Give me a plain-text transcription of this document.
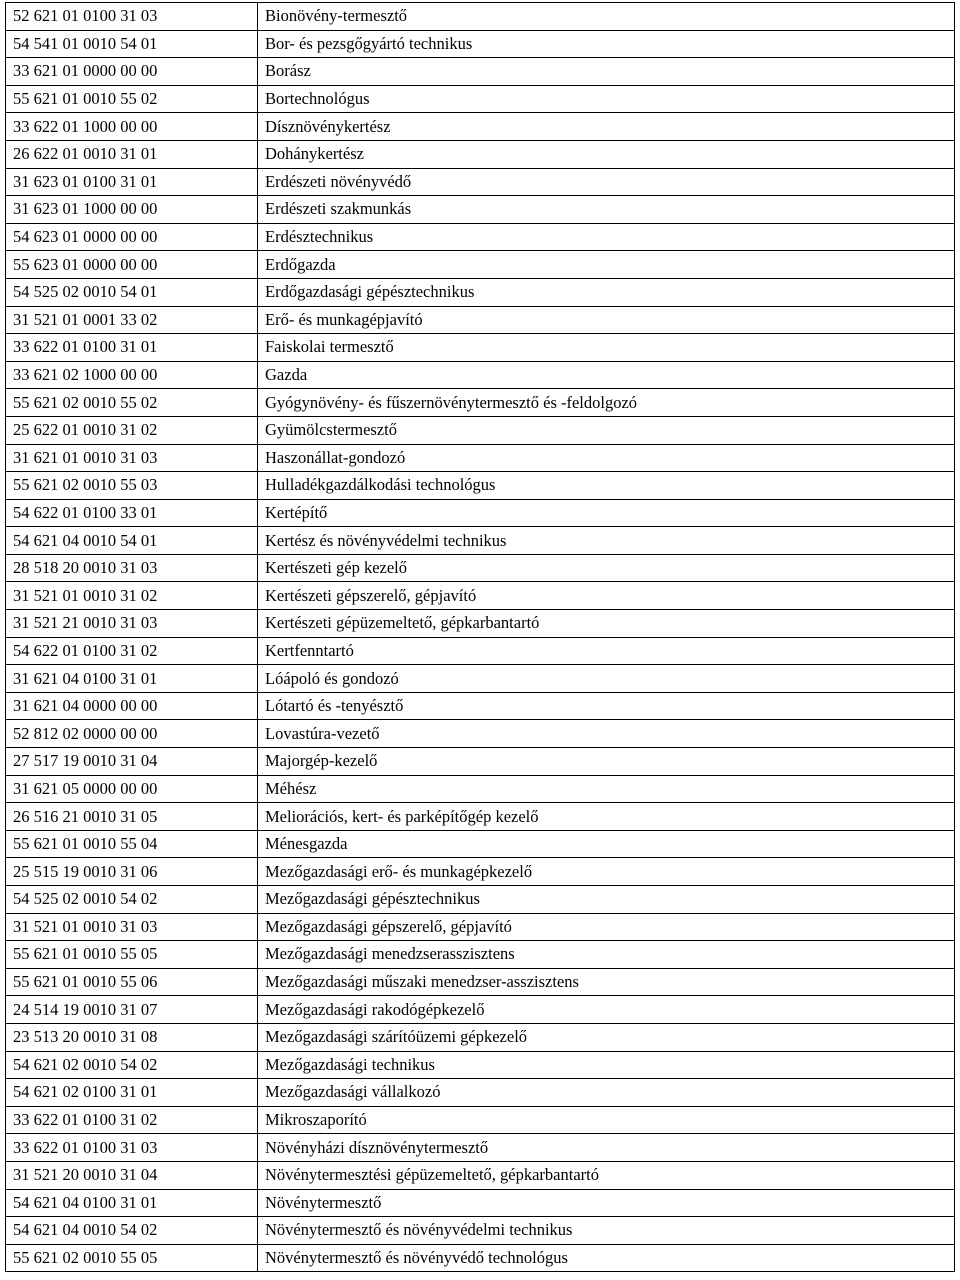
52 621 01 0100 31 03	Bionövény-termesztő
54 541 01 0010 54 01	Bor- és pezsgőgyártó technikus
33 621 01 0000 00 00	Borász
55 621 01 0010 55 02	Bortechnológus
33 622 01 1000 00 00	Dísznövénykertész
26 622 01 0010 31 01	Dohánykertész
31 623 01 0100 31 01	Erdészeti növényvédő
31 623 01 1000 00 00	Erdészeti szakmunkás
54 623 01 0000 00 00	Erdésztechnikus
55 623 01 0000 00 00	Erdőgazda
54 525 02 0010 54 01	Erdőgazdasági gépésztechnikus
31 521 01 0001 33 02	Erő- és munkagépjavító
33 622 01 0100 31 01	Faiskolai termesztő
33 621 02 1000 00 00	Gazda
55 621 02 0010 55 02	Gyógynövény- és fűszernövénytermesztő és -feldolgozó
25 622 01 0010 31 02	Gyümölcstermesztő
31 621 01 0010 31 03	Haszonállat-gondozó
55 621 02 0010 55 03	Hulladékgazdálkodási technológus
54 622 01 0100 33 01	Kertépítő
54 621 04 0010 54 01	Kertész és növényvédelmi technikus
28 518 20 0010 31 03	Kertészeti gép kezelő
31 521 01 0010 31 02	Kertészeti gépszerelő, gépjavító
31 521 21 0010 31 03	Kertészeti gépüzemeltető, gépkarbantartó
54 622 01 0100 31 02	Kertfenntartó
31 621 04 0100 31 01	Lóápoló és gondozó
31 621 04 0000 00 00	Lótartó és -tenyésztő
52 812 02 0000 00 00	Lovastúra-vezető
27 517 19 0010 31 04	Majorgép-kezelő
31 621 05 0000 00 00	Méhész
26 516 21 0010 31 05	Meliorációs, kert- és parképítőgép kezelő
55 621 01 0010 55 04	Ménesgazda
25 515 19 0010 31 06	Mezőgazdasági erő- és munkagépkezelő
54 525 02 0010 54 02	Mezőgazdasági gépésztechnikus
31 521 01 0010 31 03	Mezőgazdasági gépszerelő, gépjavító
55 621 01 0010 55 05	Mezőgazdasági menedzserasszisztens
55 621 01 0010 55 06	Mezőgazdasági műszaki menedzser-asszisztens
24 514 19 0010 31 07	Mezőgazdasági rakodógépkezelő
23 513 20 0010 31 08	Mezőgazdasági szárítóüzemi gépkezelő
54 621 02 0010 54 02	Mezőgazdasági technikus
54 621 02 0100 31 01	Mezőgazdasági vállalkozó
33 622 01 0100 31 02	Mikroszaporító
33 622 01 0100 31 03	Növényházi dísznövénytermesztő
31 521 20 0010 31 04	Növénytermesztési gépüzemeltető, gépkarbantartó
54 621 04 0100 31 01	Növénytermesztő
54 621 04 0010 54 02	Növénytermesztő és növényvédelmi technikus
55 621 02 0010 55 05	Növénytermesztő és növényvédő technológus
